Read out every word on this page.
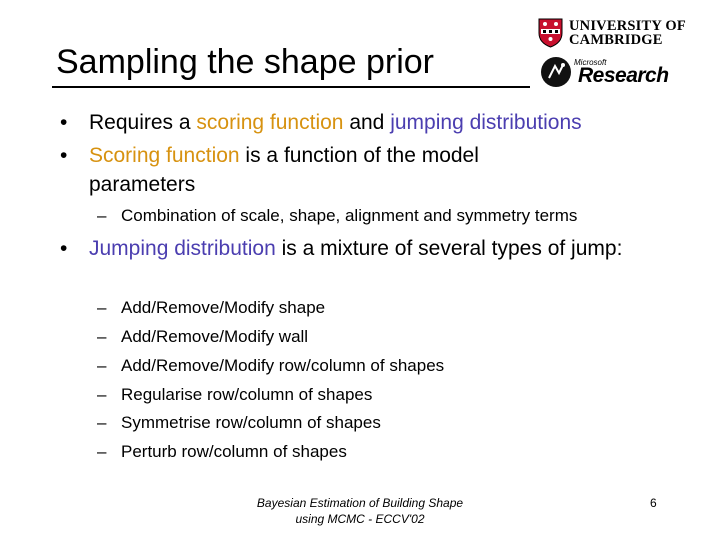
Sampling the shape prior
UNIVERSITY OF
CAMBRIDGE
Microsoft
Research
• Requires a scoring function and jumping distributions
• Scoring function is a function of the model parameters
– Combination of scale, shape, alignment and symmetry terms
• Jumping distribution is a mixture of several types of jump:
– Add/Remove/Modify shape
– Add/Remove/Modify wall
– Add/Remove/Modify row/column of shapes
– Regularise row/column of shapes
– Symmetrise row/column of shapes
– Perturb row/column of shapes
Bayesian Estimation of Building Shape
using MCMC - ECCV'02
6
